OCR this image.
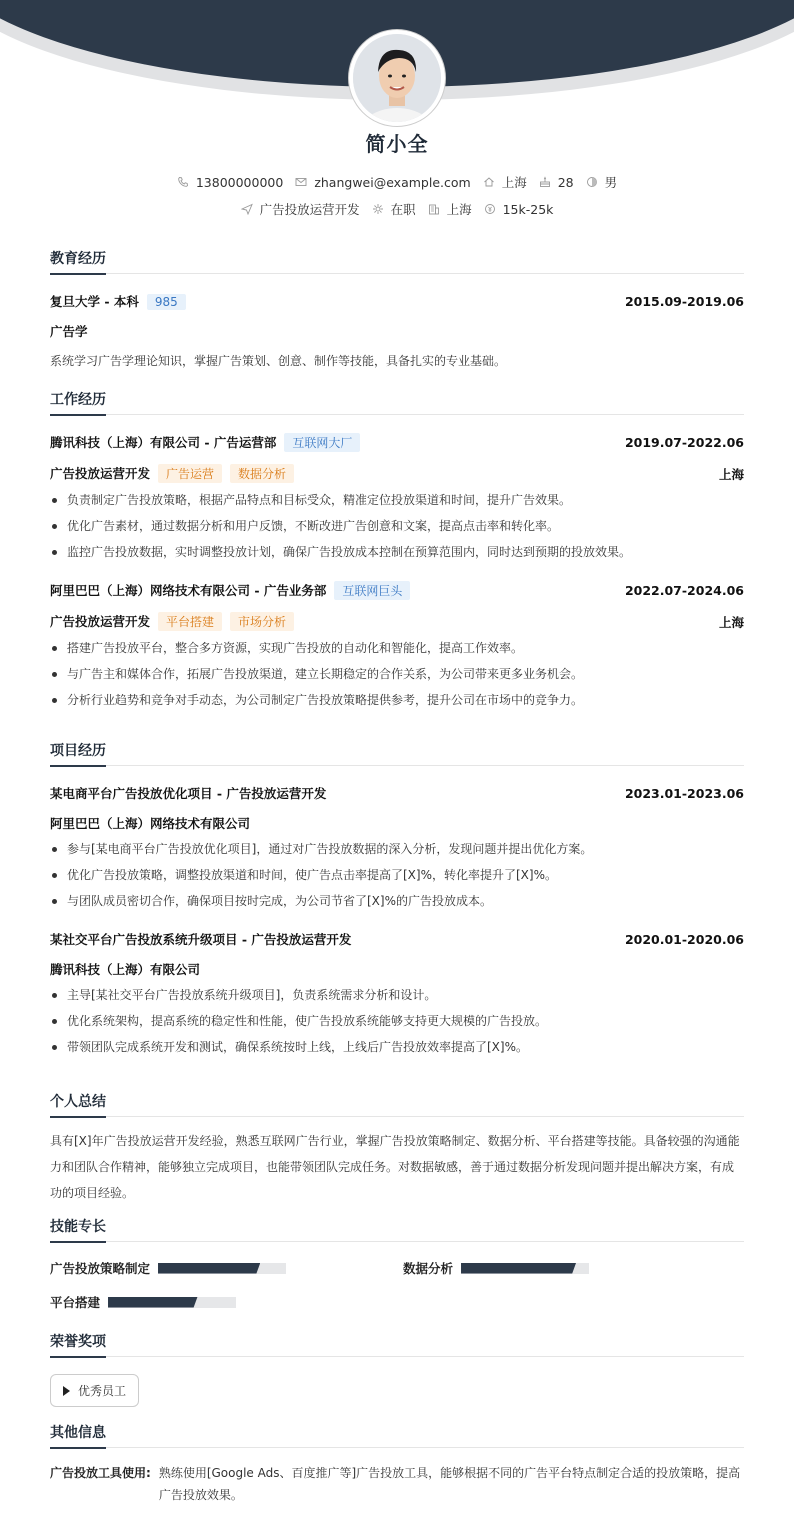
简小全
13800000000 zhangwei@example.com 上海 28 男
广告投放运营开发 在职 上海 15k-25k
教育经历
复旦大学 - 本科 985	2015.09-2019.06
广告学
系统学习广告学理论知识，掌握广告策划、创意、制作等技能，具备扎实的专业基础。
工作经历
腾讯科技（上海）有限公司 - 广告运营部 互联网大厂	2019.07-2022.06
广告投放运营开发 广告运营 数据分析	上海
负责制定广告投放策略，根据产品特点和目标受众，精准定位投放渠道和时间，提升广告效果。
优化广告素材，通过数据分析和用户反馈，不断改进广告创意和文案，提高点击率和转化率。
监控广告投放数据，实时调整投放计划，确保广告投放成本控制在预算范围内，同时达到预期的投放效果。
阿里巴巴（上海）网络技术有限公司 - 广告业务部 互联网巨头	2022.07-2024.06
广告投放运营开发 平台搭建 市场分析	上海
搭建广告投放平台，整合多方资源，实现广告投放的自动化和智能化，提高工作效率。
与广告主和媒体合作，拓展广告投放渠道，建立长期稳定的合作关系，为公司带来更多业务机会。
分析行业趋势和竞争对手动态，为公司制定广告投放策略提供参考，提升公司在市场中的竞争力。
项目经历
某电商平台广告投放优化项目 - 广告投放运营开发	2023.01-2023.06
阿里巴巴（上海）网络技术有限公司
参与[某电商平台广告投放优化项目]，通过对广告投放数据的深入分析，发现问题并提出优化方案。
优化广告投放策略，调整投放渠道和时间，使广告点击率提高了[X]%，转化率提升了[X]%。
与团队成员密切合作，确保项目按时完成，为公司节省了[X]%的广告投放成本。
某社交平台广告投放系统升级项目 - 广告投放运营开发	2020.01-2020.06
腾讯科技（上海）有限公司
主导[某社交平台广告投放系统升级项目]，负责系统需求分析和设计。
优化系统架构，提高系统的稳定性和性能，使广告投放系统能够支持更大规模的广告投放。
带领团队完成系统开发和测试，确保系统按时上线，上线后广告投放效率提高了[X]%。
个人总结
具有[X]年广告投放运营开发经验，熟悉互联网广告行业，掌握广告投放策略制定、数据分析、平台搭建等技能。具备较强的沟通能力和团队合作精神，能够独立完成项目，也能带领团队完成任务。对数据敏感，善于通过数据分析发现问题并提出解决方案，有成功的项目经验。
技能专长
广告投放策略制定	数据分析
平台搭建
荣誉奖项
优秀员工
其他信息
广告投放工具使用: 熟练使用[Google Ads、百度推广等]广告投放工具，能够根据不同的广告平台特点制定合适的投放策略，提高广告投放效果。
